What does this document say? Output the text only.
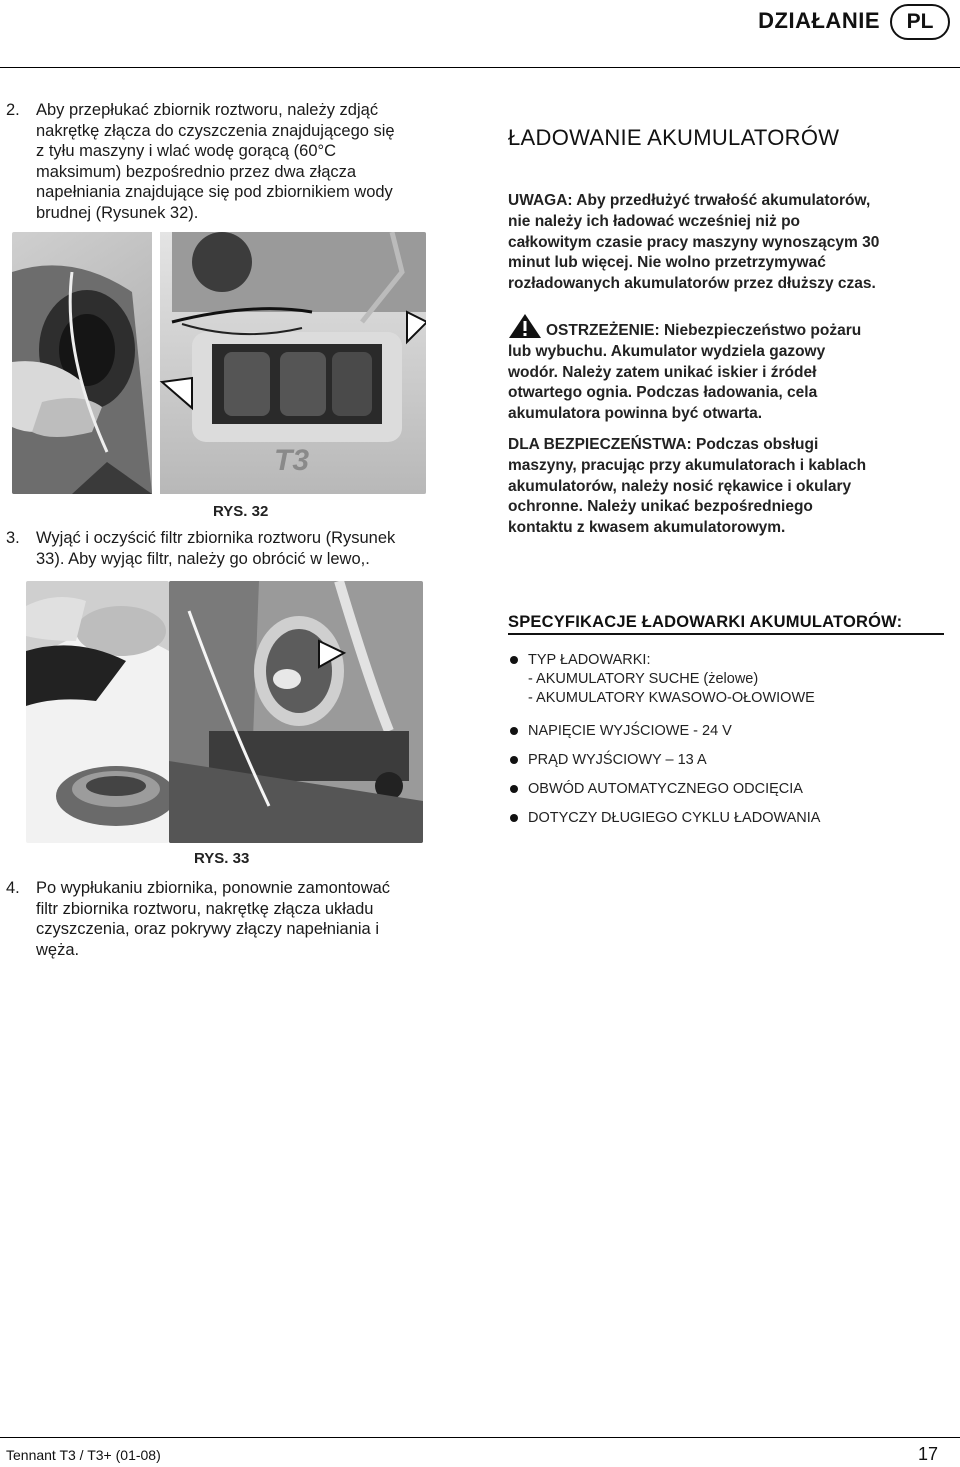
DZIAŁANIE	PL
2. Aby przepłukać zbiornik roztworu, należy zdjąć
nakrętkę złącza do czyszczenia znajdującego się
z tyłu maszyny i wlać wodę gorącą (60°C
maksimum) bezpośrednio przez dwa złącza
napełniania znajdujące się pod zbiornikiem wody
brudnej (Rysunek 32).
T3
RYS. 32
3. Wyjąć i oczyścić filtr zbiornika roztworu (Rysunek
33). Aby wyjąc filtr, należy go obrócić w lewo,.
RYS. 33
4. Po wypłukaniu zbiornika, ponownie zamontować
filtr zbiornika roztworu, nakrętkę złącza układu
czyszczenia, oraz pokrywy złączy napełniania i
węża.
ŁADOWANIE AKUMULATORÓW
UWAGA: Aby przedłużyć trwałość akumulatorów,
nie należy ich ładować wcześniej niż po
całkowitym czasie pracy maszyny wynoszącym 30
minut lub więcej. Nie wolno przetrzymywać
rozładowanych akumulatorów przez dłuższy czas.
OSTRZEŻENIE: Niebezpieczeństwo pożaru
lub wybuchu. Akumulator wydziela gazowy
wodór. Należy zatem unikać iskier i źródeł
otwartego ognia. Podczas ładowania, cela
akumulatora powinna być otwarta.
DLA BEZPIECZEŃSTWA: Podczas obsługi
maszyny, pracując przy akumulatorach i kablach
akumulatorów, należy nosić rękawice i okulary
ochronne. Należy unikać bezpośredniego
kontaktu z kwasem akumulatorowym.
SPECYFIKACJE ŁADOWARKI AKUMULATORÓW:
TYP ŁADOWARKI:
- AKUMULATORY SUCHE (żelowe)
- AKUMULATORY KWASOWO-OŁOWIOWE
NAPIĘCIE WYJŚCIOWE - 24 V
PRĄD WYJŚCIOWY – 13 A
OBWÓD AUTOMATYCZNEGO ODCIĘCIA
DOTYCZY DŁUGIEGO CYKLU ŁADOWANIA
Tennant T3 / T3+ (01-08)	17
